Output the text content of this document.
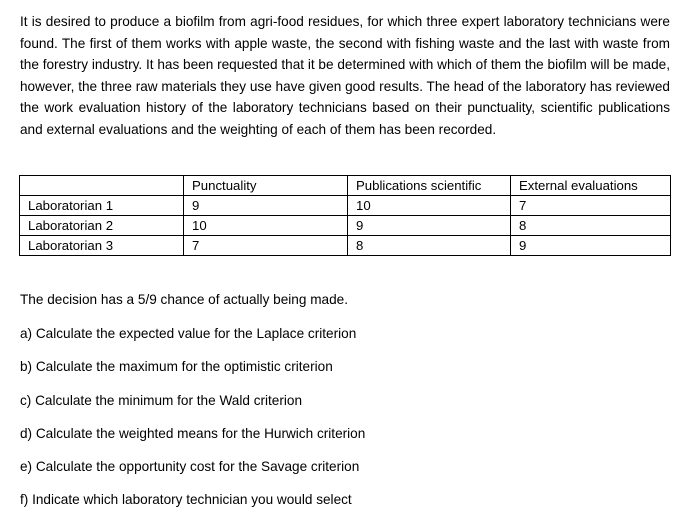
It is desired to produce a biofilm from agri-food residues, for which three expert laboratory technicians were found. The first of them works with apple waste, the second with fishing waste and the last with waste from the forestry industry. It has been requested that it be determined with which of them the biofilm will be made, however, the three raw materials they use have given good results. The head of the laboratory has reviewed the work evaluation history of the laboratory technicians based on their punctuality, scientific publications and external evaluations and the weighting of each of them has been recorded.

	Punctuality	Publications scientific	External evaluations
Laboratorian 1	9	10	7
Laboratorian 2	10	9	8
Laboratorian 3	7	8	9

The decision has a 5/9 chance of actually being made.

a) Calculate the expected value for the Laplace criterion

b) Calculate the maximum for the optimistic criterion

c) Calculate the minimum for the Wald criterion

d) Calculate the weighted means for the Hurwich criterion

e) Calculate the opportunity cost for the Savage criterion

f) Indicate which laboratory technician you would select
